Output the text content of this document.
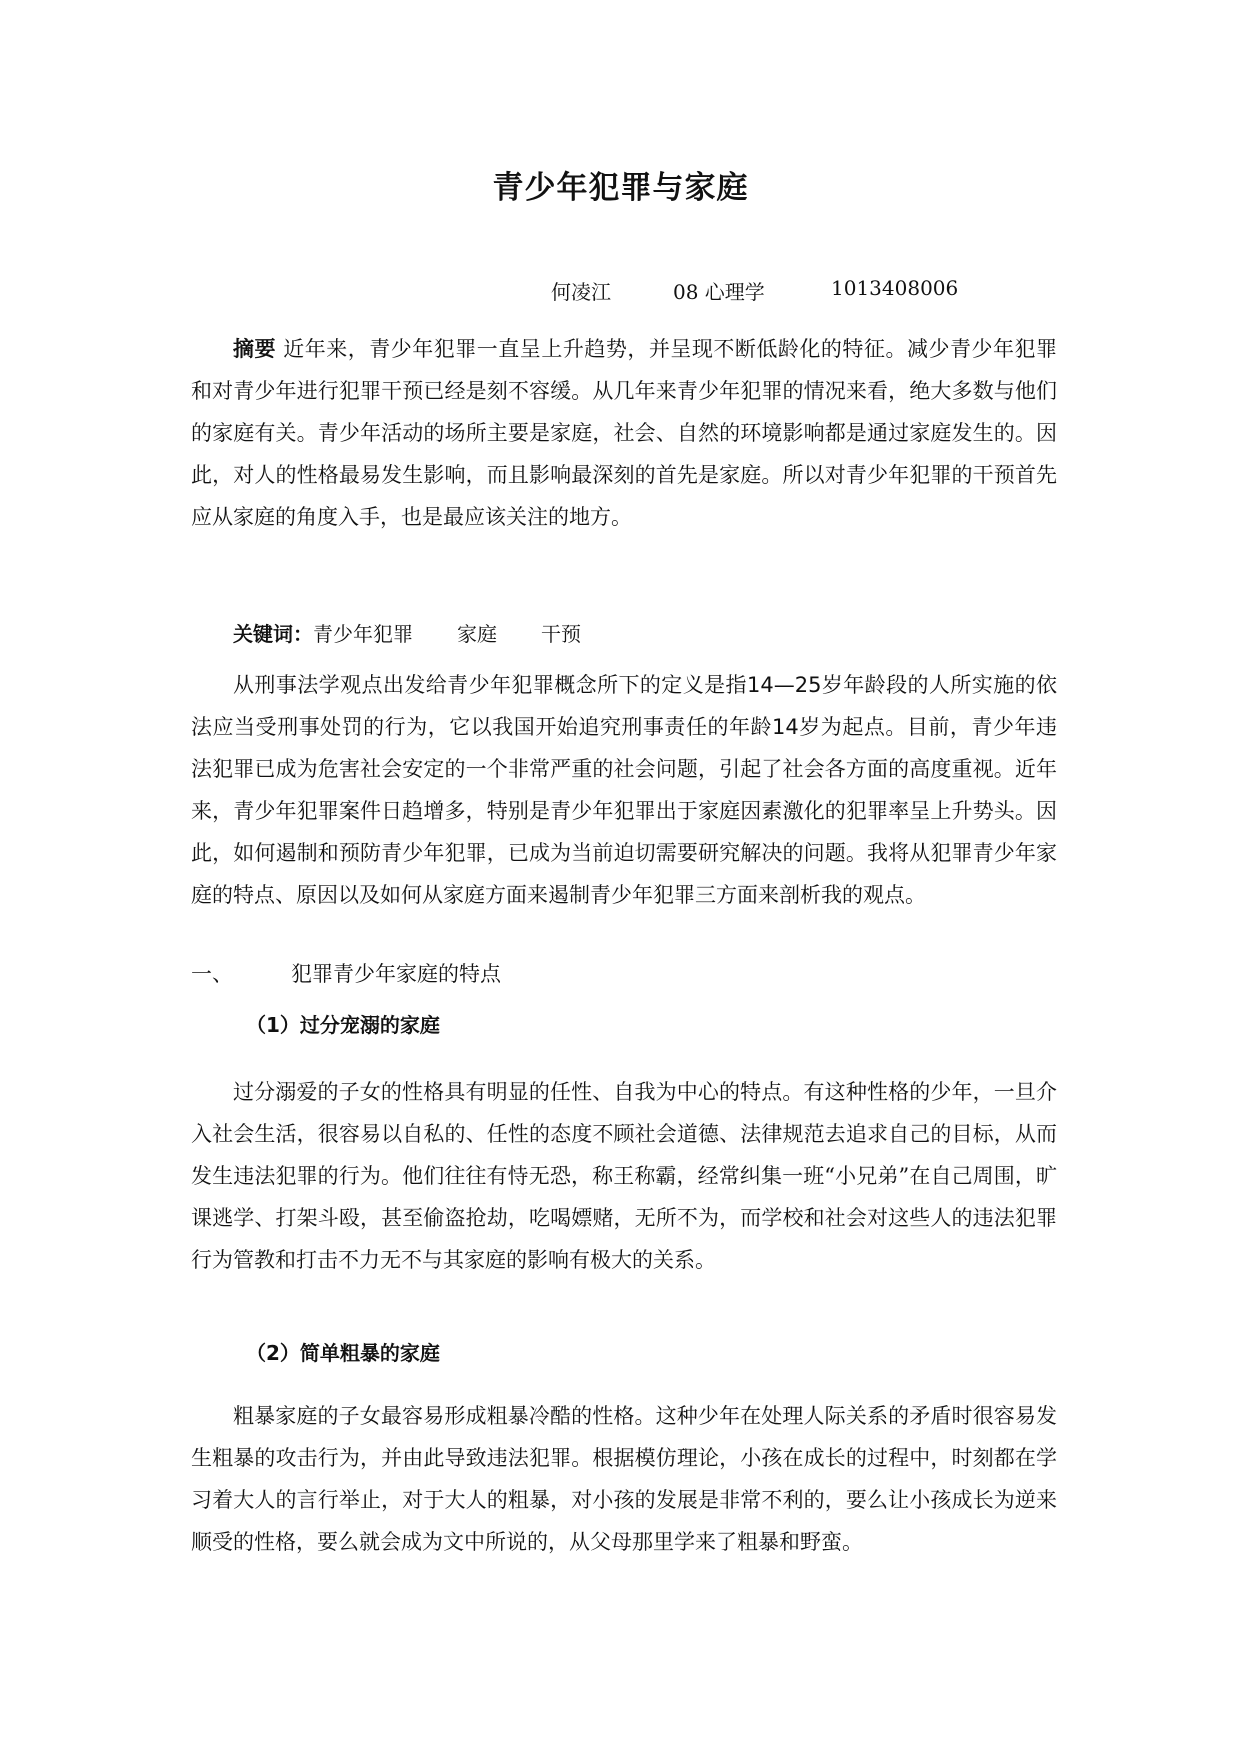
青少年犯罪与家庭
何凌江	08 心理学	1013408006

摘要 近年来，青少年犯罪一直呈上升趋势，并呈现不断低龄化的特征。减少青少年犯罪和对青少年进行犯罪干预已经是刻不容缓。从几年来青少年犯罪的情况来看，绝大多数与他们的家庭有关。青少年活动的场所主要是家庭，社会、自然的环境影响都是通过家庭发生的。因此，对人的性格最易发生影响，而且影响最深刻的首先是家庭。所以对青少年犯罪的干预首先应从家庭的角度入手，也是最应该关注的地方。

关键词：青少年犯罪 家庭 干预

从刑事法学观点出发给青少年犯罪概念所下的定义是指14—25岁年龄段的人所实施的依法应当受刑事处罚的行为，它以我国开始追究刑事责任的年龄14岁为起点。目前，青少年违法犯罪已成为危害社会安定的一个非常严重的社会问题，引起了社会各方面的高度重视。近年来，青少年犯罪案件日趋增多，特别是青少年犯罪出于家庭因素激化的犯罪率呈上升势头。因此，如何遏制和预防青少年犯罪，已成为当前迫切需要研究解决的问题。我将从犯罪青少年家庭的特点、原因以及如何从家庭方面来遏制青少年犯罪三方面来剖析我的观点。

一、	犯罪青少年家庭的特点
（1）过分宠溺的家庭

过分溺爱的子女的性格具有明显的任性、自我为中心的特点。有这种性格的少年，一旦介入社会生活，很容易以自私的、任性的态度不顾社会道德、法律规范去追求自己的目标，从而发生违法犯罪的行为。他们往往有恃无恐，称王称霸，经常纠集一班“小兄弟”在自己周围，旷课逃学、打架斗殴，甚至偷盗抢劫，吃喝嫖赌，无所不为，而学校和社会对这些人的违法犯罪行为管教和打击不力无不与其家庭的影响有极大的关系。

（2）简单粗暴的家庭

粗暴家庭的子女最容易形成粗暴冷酷的性格。这种少年在处理人际关系的矛盾时很容易发生粗暴的攻击行为，并由此导致违法犯罪。根据模仿理论，小孩在成长的过程中，时刻都在学习着大人的言行举止，对于大人的粗暴，对小孩的发展是非常不利的，要么让小孩成长为逆来顺受的性格，要么就会成为文中所说的，从父母那里学来了粗暴和野蛮。
